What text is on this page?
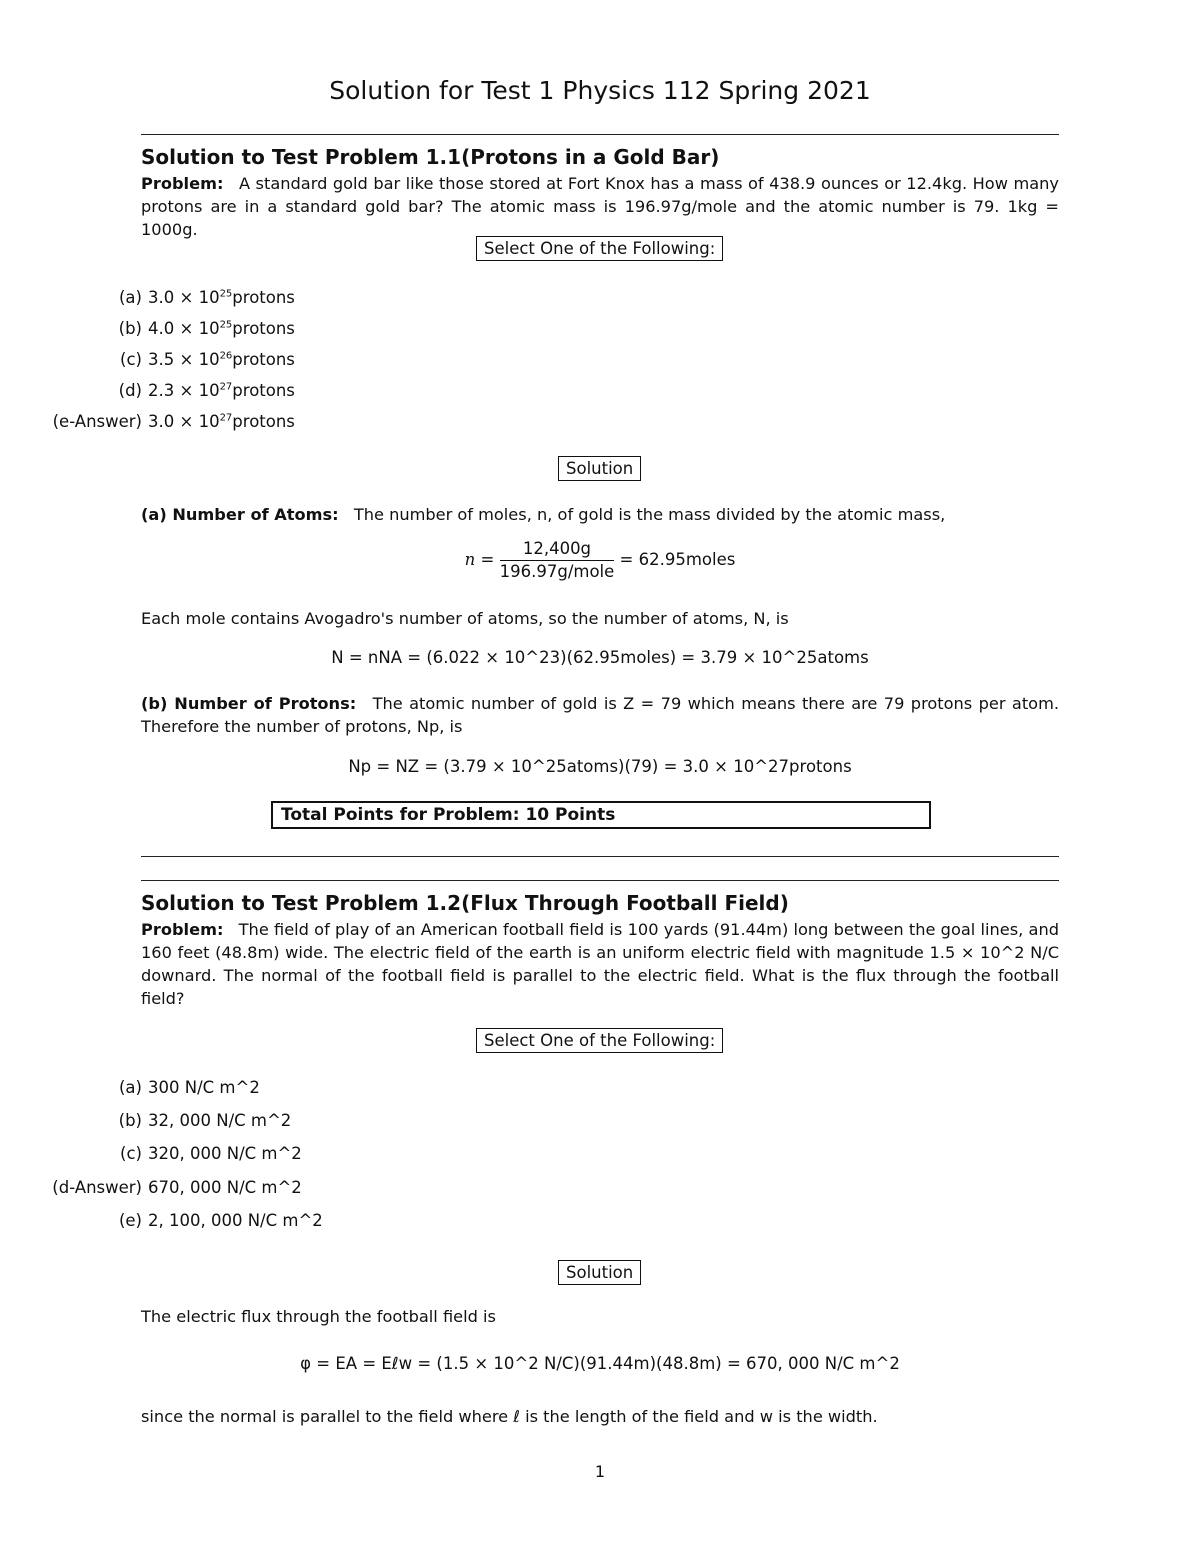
Solution for Test 1 Physics 112 Spring 2021
Solution to Test Problem 1.1(Protons in a Gold Bar)
Problem: A standard gold bar like those stored at Fort Knox has a mass of 438.9 ounces or 12.4kg. How many protons are in a standard gold bar? The atomic mass is 196.97g/mole and the atomic number is 79. 1kg = 1000g.
Select One of the Following:
(a) $3.0 \times 10^{25}protons$
(b) $4.0 \times 10^{25}protons$
(c) $3.5 \times 10^{26}protons$
(d) $2.3 \times 10^{27}protons$
(e-Answer) $3.0 \times 10^{27}protons$
Solution
(a) Number of Atoms: The number of moles, n, of gold is the mass divided by the atomic mass,
n =
12,400g
196.97g/mole
= 62.95moles
Each mole contains Avogadro's number of atoms, so the number of atoms, N, is
N = nNA = (6.022 × 10^23)(62.95moles) = 3.79 × 10^25atoms
(b) Number of Protons: The atomic number of gold is Z = 79 which means there are 79 protons per atom. Therefore the number of protons, Np, is
Np = NZ = (3.79 × 10^25atoms)(79) = 3.0 × 10^27protons
Total Points for Problem: 10 Points
Solution to Test Problem 1.2(Flux Through Football Field)
Problem: The field of play of an American football field is 100 yards (91.44m) long between the goal lines, and 160 feet (48.8m) wide. The electric field of the earth is an uniform electric field with magnitude 1.5 × 10^2 N/C downard. The normal of the football field is parallel to the electric field. What is the flux through the football field?
Select One of the Following:
(a) 300 N/C m^2
(b) 32, 000 N/C m^2
(c) 320, 000 N/C m^2
(d-Answer) 670, 000 N/C m^2
(e) 2, 100, 000 N/C m^2
Solution
The electric flux through the football field is
φ = EA = Eℓw = (1.5 × 10^2 N/C)(91.44m)(48.8m) = 670, 000 N/C m^2
since the normal is parallel to the field where ℓ is the length of the field and w is the width.
1
